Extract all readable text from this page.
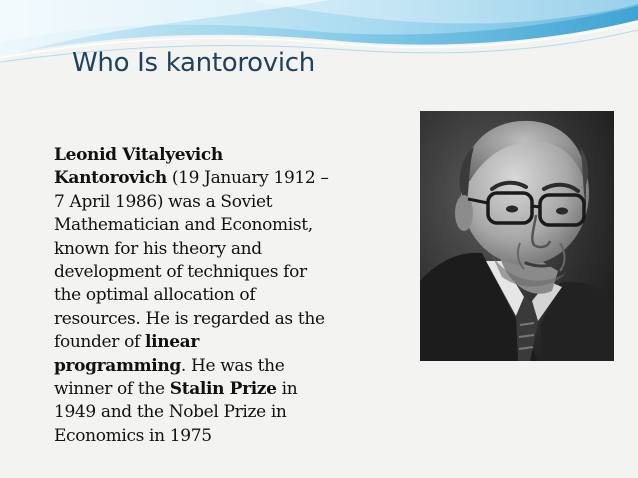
Who Is kantorovich
Leonid Vitalyevich
Kantorovich (19 January 1912 –
7 April 1986) was a Soviet
Mathematician and Economist,
known for his theory and
development of techniques for
the optimal allocation of
resources. He is regarded as the
founder of linear
programming. He was the
winner of the Stalin Prize in
1949 and the Nobel Prize in
Economics in 1975
